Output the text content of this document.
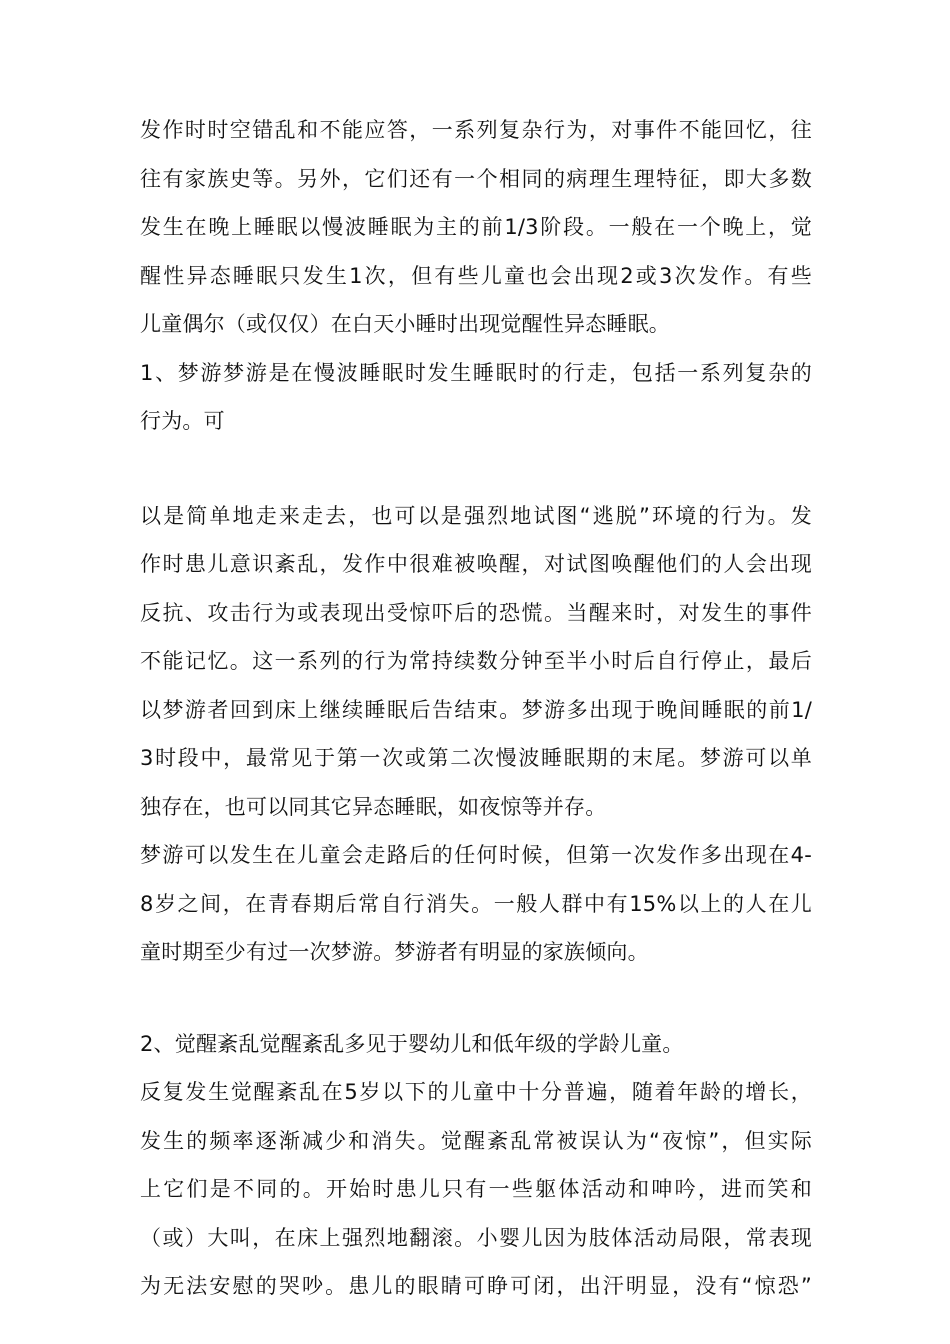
发作时时空错乱和不能应答，一系列复杂行为，对事件不能回忆，往
往有家族史等。另外，它们还有一个相同的病理生理特征，即大多数
发生在晚上睡眠以慢波睡眠为主的前1/3阶段。一般在一个晚上，觉
醒性异态睡眠只发生1次，但有些儿童也会出现2或3次发作。有些
儿童偶尔（或仅仅）在白天小睡时出现觉醒性异态睡眠。
1、梦游梦游是在慢波睡眠时发生睡眠时的行走，包括一系列复杂的
行为。可
以是简单地走来走去，也可以是强烈地试图“逃脱”环境的行为。发
作时患儿意识紊乱，发作中很难被唤醒，对试图唤醒他们的人会出现
反抗、攻击行为或表现出受惊吓后的恐慌。当醒来时，对发生的事件
不能记忆。这一系列的行为常持续数分钟至半小时后自行停止，最后
以梦游者回到床上继续睡眠后告结束。梦游多出现于晚间睡眠的前1/
3时段中，最常见于第一次或第二次慢波睡眠期的末尾。梦游可以单
独存在，也可以同其它异态睡眠，如夜惊等并存。
梦游可以发生在儿童会走路后的任何时候，但第一次发作多出现在4-
8岁之间，在青春期后常自行消失。一般人群中有15%以上的人在儿
童时期至少有过一次梦游。梦游者有明显的家族倾向。
2、觉醒紊乱觉醒紊乱多见于婴幼儿和低年级的学龄儿童。
反复发生觉醒紊乱在5岁以下的儿童中十分普遍，随着年龄的增长，
发生的频率逐渐减少和消失。觉醒紊乱常被误认为“夜惊”，但实际
上它们是不同的。开始时患儿只有一些躯体活动和呻吟，进而笑和
（或）大叫，在床上强烈地翻滚。小婴儿因为肢体活动局限，常表现
为无法安慰的哭吵。患儿的眼睛可睁可闭，出汗明显，没有“惊恐”
